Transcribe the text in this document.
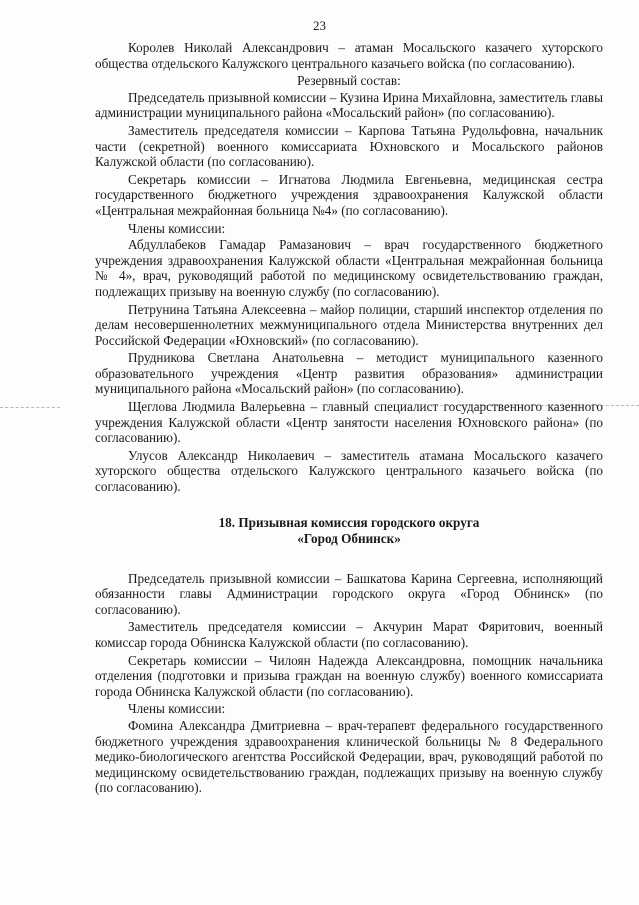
23

Королев Николай Александрович – атаман Мосальского казачего хуторского общества отдельского Калужского центрального казачьего войска (по согласованию).

Резервный состав:

Председатель призывной комиссии – Кузина Ирина Михайловна, заместитель главы администрации муниципального района «Мосальский район» (по согласованию).

Заместитель председателя комиссии – Карпова Татьяна Рудольфовна, начальник части (секретной) военного комиссариата Юхновского и Мосальского районов Калужской области (по согласованию).

Секретарь комиссии – Игнатова Людмила Евгеньевна, медицинская сестра государственного бюджетного учреждения здравоохранения Калужской области «Центральная межрайонная больница №4» (по согласованию).

Члены комиссии:

Абдуллабеков Гамадар Рамазанович – врач государственного бюджетного учреждения здравоохранения Калужской области «Центральная межрайонная больница № 4», врач, руководящий работой по медицинскому освидетельствованию граждан, подлежащих призыву на военную службу (по согласованию).

Петрунина Татьяна Алексеевна – майор полиции, старший инспектор отделения по делам несовершеннолетних межмуниципального отдела Министерства внутренних дел Российской Федерации «Юхновский» (по согласованию).

Прудникова Светлана Анатольевна – методист муниципального казенного образовательного учреждения «Центр развития образования» администрации муниципального района «Мосальский район» (по согласованию).

Щеглова Людмила Валерьевна – главный специалист государственного казенного учреждения Калужской области «Центр занятости населения Юхновского района» (по согласованию).

Улусов Александр Николаевич – заместитель атамана Мосальского казачего хуторского общества отдельского Калужского центрального казачьего войска (по согласованию).

18. Призывная комиссия городского округа
«Город Обнинск»

Председатель призывной комиссии – Башкатова Карина Сергеевна, исполняющий обязанности главы Администрации городского округа «Город Обнинск» (по согласованию).

Заместитель председателя комиссии – Акчурин Марат Фяритович, военный комиссар города Обнинска Калужской области (по согласованию).

Секретарь комиссии – Чилоян Надежда Александровна, помощник начальника отделения (подготовки и призыва граждан на военную службу) военного комиссариата города Обнинска Калужской области (по согласованию).

Члены комиссии:

Фомина Александра Дмитриевна – врач-терапевт федерального государственного бюджетного учреждения здравоохранения клинической больницы № 8 Федерального медико-биологического агентства Российской Федерации, врач, руководящий работой по медицинскому освидетельствованию граждан, подлежащих призыву на военную службу (по согласованию).
